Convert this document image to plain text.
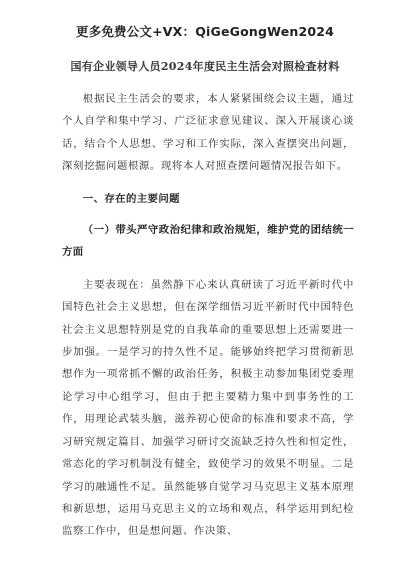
更多免费公文+VX：QiGeGongWen2024
国有企业领导人员2024年度民主生活会对照检查材料

根据民主生活会的要求，本人紧紧围绕会议主题，通过个人自学和集中学习、广泛征求意见建议、深入开展谈心谈话，结合个人思想、学习和工作实际，深入查摆突出问题，深刻挖掘问题根源。现将本人对照查摆问题情况报告如下。

一、存在的主要问题

（一）带头严守政治纪律和政治规矩，维护党的团结统一方面

主要表现在：虽然静下心来认真研读了习近平新时代中国特色社会主义思想，但在深学细悟习近平新时代中国特色社会主义思想特别是党的自我革命的重要思想上还需要进一步加强。一是学习的持久性不足。能够始终把学习贯彻新思想作为一项常抓不懈的政治任务，积极主动参加集团党委理论学习中心组学习，但由于把主要精力集中到事务性的工作，用理论武装头脑，滋养初心使命的标准和要求不高，学习研究规定篇目、加强学习研讨交流缺乏持久性和恒定性，常态化的学习机制没有健全，致使学习的效果不明显。二是学习的融通性不足。虽然能够自觉学习马克思主义基本原理和新思想，运用马克思主义的立场和观点，科学运用到纪检监察工作中，但是想问题、作决策、
